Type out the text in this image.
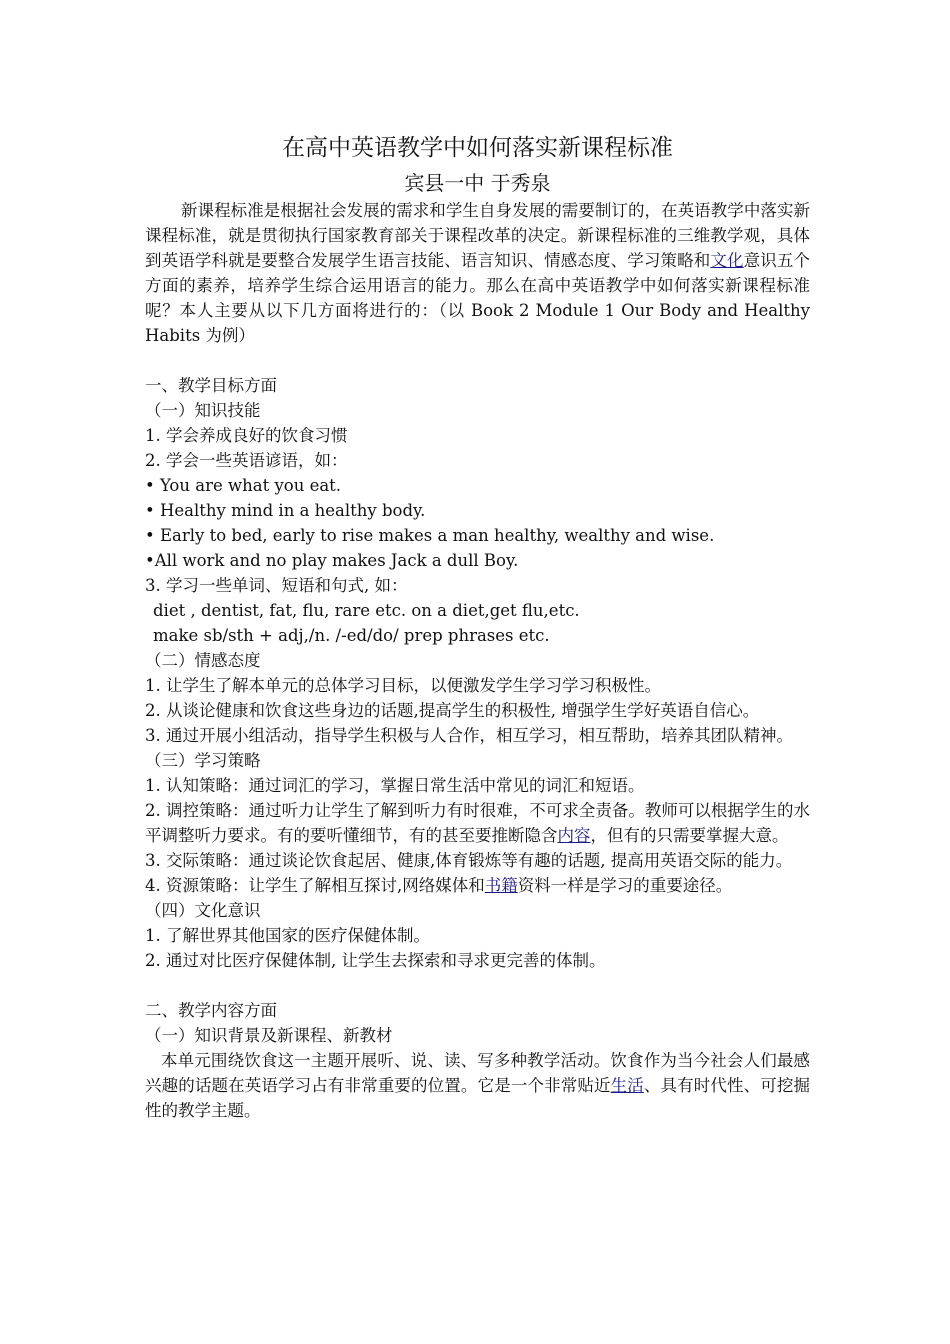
在高中英语教学中如何落实新课程标准
宾县一中 于秀泉

新课程标准是根据社会发展的需求和学生自身发展的需要制订的，在英语教学中落实新课程标准，就是贯彻执行国家教育部关于课程改革的决定。新课程标准的三维教学观，具体到英语学科就是要整合发展学生语言技能、语言知识、情感态度、学习策略和文化意识五个方面的素养，培养学生综合运用语言的能力。那么在高中英语教学中如何落实新课程标准呢？本人主要从以下几方面将进行的：（以 Book 2 Module 1 Our Body and Healthy Habits 为例）

一、教学目标方面

（一）知识技能

1. 学会养成良好的饮食习惯

2. 学会一些英语谚语，如：

• You are what you eat.

• Healthy mind in a healthy body.

• Early to bed, early to rise makes a man healthy, wealthy and wise.

•All work and no play makes Jack a dull Boy.

3. 学习一些单词、短语和句式, 如：

diet , dentist, fat, flu, rare etc. on a diet,get flu,etc.

make sb/sth + adj,/n. /-ed/do/ prep phrases etc.

（二）情感态度

1. 让学生了解本单元的总体学习目标，以便激发学生学习学习积极性。

2. 从谈论健康和饮食这些身边的话题,提高学生的积极性, 增强学生学好英语自信心。

3. 通过开展小组活动，指导学生积极与人合作，相互学习，相互帮助，培养其团队精神。

（三）学习策略

1. 认知策略：通过词汇的学习，掌握日常生活中常见的词汇和短语。

2. 调控策略：通过听力让学生了解到听力有时很难，不可求全责备。教师可以根据学生的水平调整听力要求。有的要听懂细节，有的甚至要推断隐含内容，但有的只需要掌握大意。

3. 交际策略：通过谈论饮食起居、健康,体育锻炼等有趣的话题, 提高用英语交际的能力。

4. 资源策略：让学生了解相互探讨,网络媒体和书籍资料一样是学习的重要途径。

（四）文化意识

1. 了解世界其他国家的医疗保健体制。

2. 通过对比医疗保健体制, 让学生去探索和寻求更完善的体制。

二、教学内容方面

（一）知识背景及新课程、新教材

本单元围绕饮食这一主题开展听、说、读、写多种教学活动。饮食作为当今社会人们最感兴趣的话题在英语学习占有非常重要的位置。它是一个非常贴近生活、具有时代性、可挖掘性的教学主题。
